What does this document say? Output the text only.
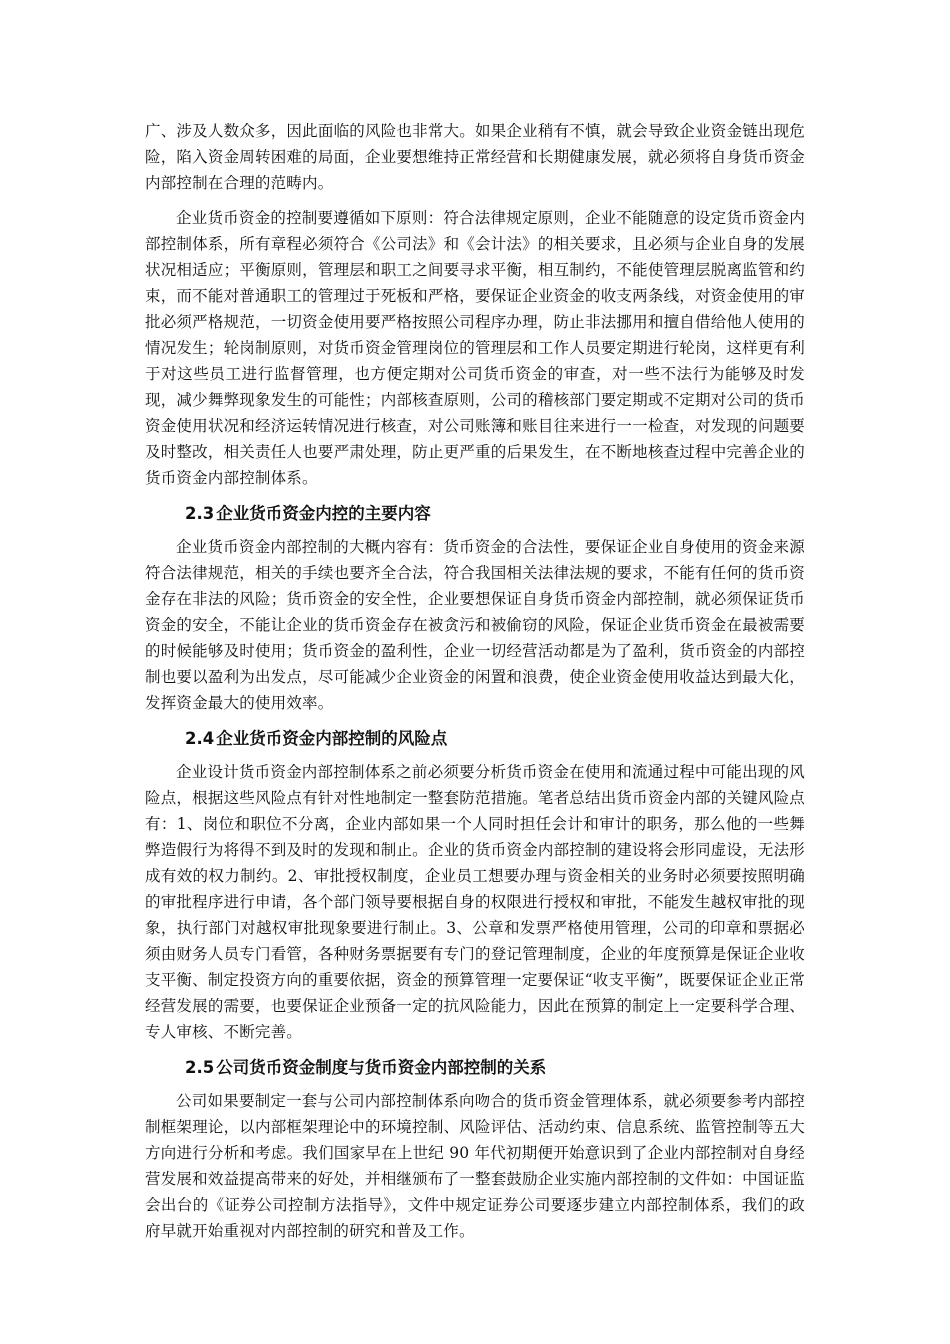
广、涉及人数众多，因此面临的风险也非常大。如果企业稍有不慎，就会导致企业资金链出现危险，陷入资金周转困难的局面，企业要想维持正常经营和长期健康发展，就必须将自身货币资金内部控制在合理的范畴内。

企业货币资金的控制要遵循如下原则：符合法律规定原则，企业不能随意的设定货币资金内部控制体系，所有章程必须符合《公司法》和《会计法》的相关要求，且必须与企业自身的发展状况相适应；平衡原则，管理层和职工之间要寻求平衡，相互制约，不能使管理层脱离监管和约束，而不能对普通职工的管理过于死板和严格，要保证企业资金的收支两条线，对资金使用的审批必须严格规范，一切资金使用要严格按照公司程序办理，防止非法挪用和擅自借给他人使用的情况发生；轮岗制原则，对货币资金管理岗位的管理层和工作人员要定期进行轮岗，这样更有利于对这些员工进行监督管理，也方便定期对公司货币资金的审查，对一些不法行为能够及时发现，减少舞弊现象发生的可能性；内部核查原则，公司的稽核部门要定期或不定期对公司的货币资金使用状况和经济运转情况进行核查，对公司账簿和账目往来进行一一检查，对发现的问题要及时整改，相关责任人也要严肃处理，防止更严重的后果发生，在不断地核查过程中完善企业的货币资金内部控制体系。

2.3 企业货币资金内控的主要内容

企业货币资金内部控制的大概内容有：货币资金的合法性，要保证企业自身使用的资金来源符合法律规范，相关的手续也要齐全合法，符合我国相关法律法规的要求，不能有任何的货币资金存在非法的风险；货币资金的安全性，企业要想保证自身货币资金内部控制，就必须保证货币资金的安全，不能让企业的货币资金存在被贪污和被偷窃的风险，保证企业货币资金在最被需要的时候能够及时使用；货币资金的盈利性，企业一切经营活动都是为了盈利，货币资金的内部控制也要以盈利为出发点，尽可能减少企业资金的闲置和浪费，使企业资金使用收益达到最大化，发挥资金最大的使用效率。

2.4 企业货币资金内部控制的风险点

企业设计货币资金内部控制体系之前必须要分析货币资金在使用和流通过程中可能出现的风险点，根据这些风险点有针对性地制定一整套防范措施。笔者总结出货币资金内部的关键风险点有：1、岗位和职位不分离，企业内部如果一个人同时担任会计和审计的职务，那么他的一些舞弊造假行为将得不到及时的发现和制止。企业的货币资金内部控制的建设将会形同虚设，无法形成有效的权力制约。2、审批授权制度，企业员工想要办理与资金相关的业务时必须要按照明确的审批程序进行申请，各个部门领导要根据自身的权限进行授权和审批，不能发生越权审批的现象，执行部门对越权审批现象要进行制止。3、公章和发票严格使用管理，公司的印章和票据必须由财务人员专门看管，各种财务票据要有专门的登记管理制度，企业的年度预算是保证企业收支平衡、制定投资方向的重要依据，资金的预算管理一定要保证“收支平衡”，既要保证企业正常经营发展的需要，也要保证企业预备一定的抗风险能力，因此在预算的制定上一定要科学合理、专人审核、不断完善。

2.5 公司货币资金制度与货币资金内部控制的关系

公司如果要制定一套与公司内部控制体系向吻合的货币资金管理体系，就必须要参考内部控制框架理论，以内部框架理论中的环境控制、风险评估、活动约束、信息系统、监管控制等五大方向进行分析和考虑。我们国家早在上世纪 90 年代初期便开始意识到了企业内部控制对自身经营发展和效益提高带来的好处，并相继颁布了一整套鼓励企业实施内部控制的文件如：中国证监会出台的《证券公司控制方法指导》，文件中规定证券公司要逐步建立内部控制体系，我们的政府早就开始重视对内部控制的研究和普及工作。
